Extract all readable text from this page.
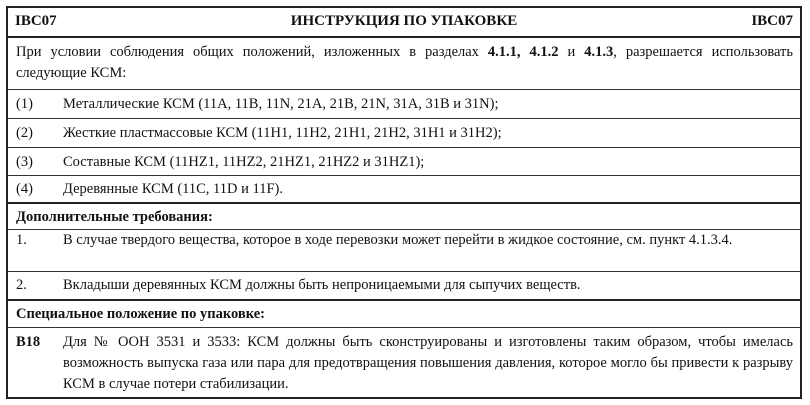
IBC07	ИНСТРУКЦИЯ ПО УПАКОВКЕ	IBC07
При условии соблюдения общих положений, изложенных в разделах 4.1.1, 4.1.2 и 4.1.3, разрешается использовать следующие КСМ:
(1) Металлические КСМ (11A, 11B, 11N, 21A, 21B, 21N, 31A, 31B и 31N);
(2) Жесткие пластмассовые КСМ (11H1, 11H2, 21H1, 21H2, 31H1 и 31H2);
(3) Составные КСМ (11HZ1, 11HZ2, 21HZ1, 21HZ2 и 31HZ1);
(4) Деревянные КСМ (11C, 11D и 11F).
Дополнительные требования:
1. В случае твердого вещества, которое в ходе перевозки может перейти в жидкое состояние, см. пункт 4.1.3.4.
2. Вкладыши деревянных КСМ должны быть непроницаемыми для сыпучих веществ.
Специальное положение по упаковке:
B18 Для № ООН 3531 и 3533: КСМ должны быть сконструированы и изготовлены таким образом, чтобы имелась возможность выпуска газа или пара для предотвращения повышения давления, которое могло бы привести к разрыву КСМ в случае потери стабилизации.
